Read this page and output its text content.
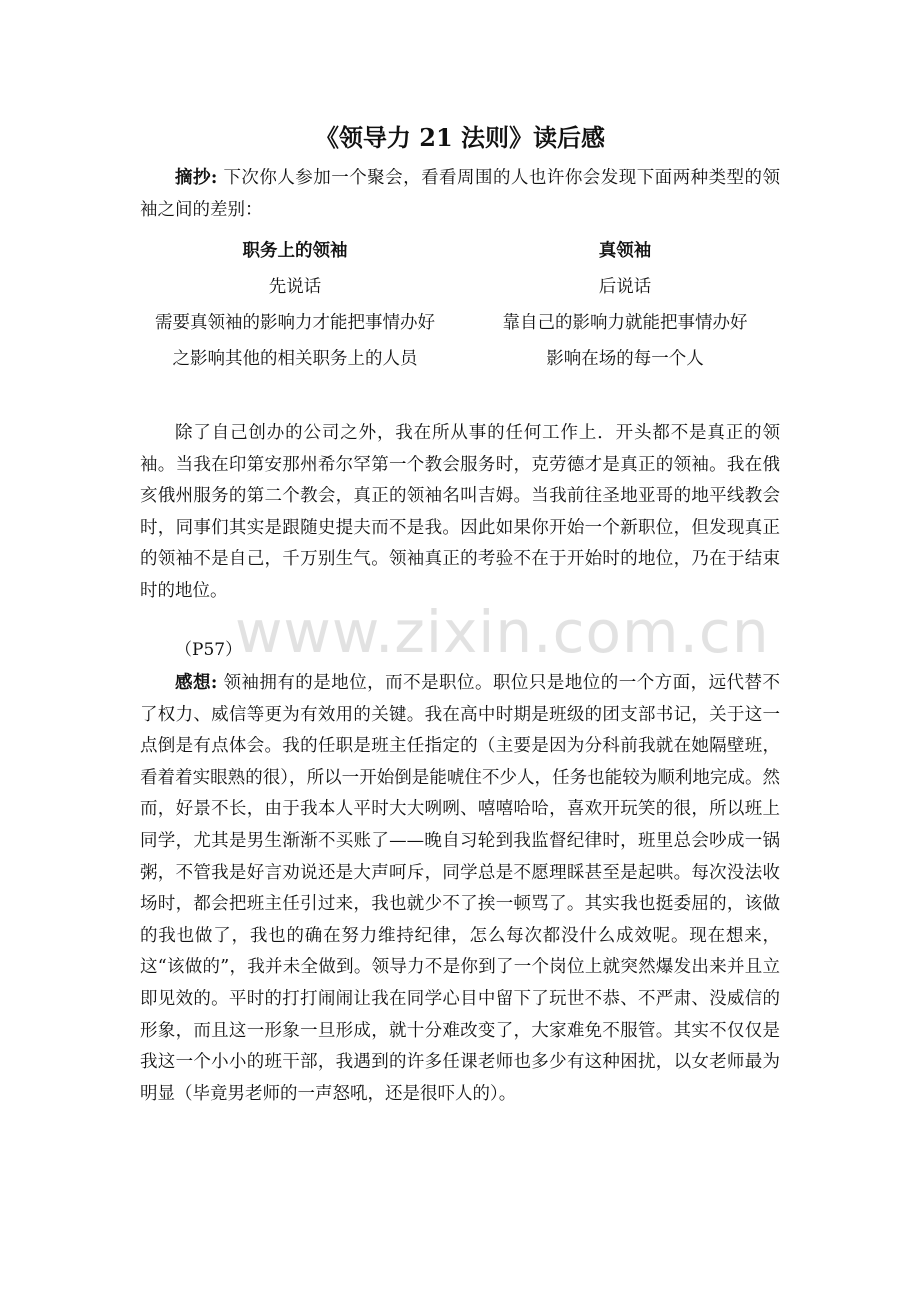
www.zixin.com.cn
《领导力 21 法则》读后感

摘抄: 下次你人参加一个聚会，看看周围的人也许你会发现下面两种类型的领袖之间的差别：

职务上的领袖	真领袖
先说话	后说话
需要真领袖的影响力才能把事情办好	靠自己的影响力就能把事情办好
之影响其他的相关职务上的人员	影响在场的每一个人

除了自己创办的公司之外，我在所从事的任何工作上．开头都不是真正的领袖。当我在印第安那州希尔罕第一个教会服务时，克劳德才是真正的领袖。我在俄亥俄州服务的第二个教会，真正的领袖名叫吉姆。当我前往圣地亚哥的地平线教会时，同事们其实是跟随史提夫而不是我。因此如果你开始一个新职位，但发现真正的领袖不是自己，千万别生气。领袖真正的考验不在于开始时的地位，乃在于结束时的地位。

（P57）

感想: 领袖拥有的是地位，而不是职位。职位只是地位的一个方面，远代替不了权力、威信等更为有效用的关键。我在高中时期是班级的团支部书记，关于这一点倒是有点体会。我的任职是班主任指定的（主要是因为分科前我就在她隔壁班，看着着实眼熟的很），所以一开始倒是能唬住不少人，任务也能较为顺利地完成。然而，好景不长，由于我本人平时大大咧咧、嘻嘻哈哈，喜欢开玩笑的很，所以班上同学，尤其是男生渐渐不买账了——晚自习轮到我监督纪律时，班里总会吵成一锅粥，不管我是好言劝说还是大声呵斥，同学总是不愿理睬甚至是起哄。每次没法收场时，都会把班主任引过来，我也就少不了挨一顿骂了。其实我也挺委屈的，该做的我也做了，我也的确在努力维持纪律，怎么每次都没什么成效呢。现在想来，这“该做的”，我并未全做到。领导力不是你到了一个岗位上就突然爆发出来并且立即见效的。平时的打打闹闹让我在同学心目中留下了玩世不恭、不严肃、没威信的形象，而且这一形象一旦形成，就十分难改变了，大家难免不服管。其实不仅仅是我这一个小小的班干部，我遇到的许多任课老师也多少有这种困扰，以女老师最为明显（毕竟男老师的一声怒吼，还是很吓人的）。
